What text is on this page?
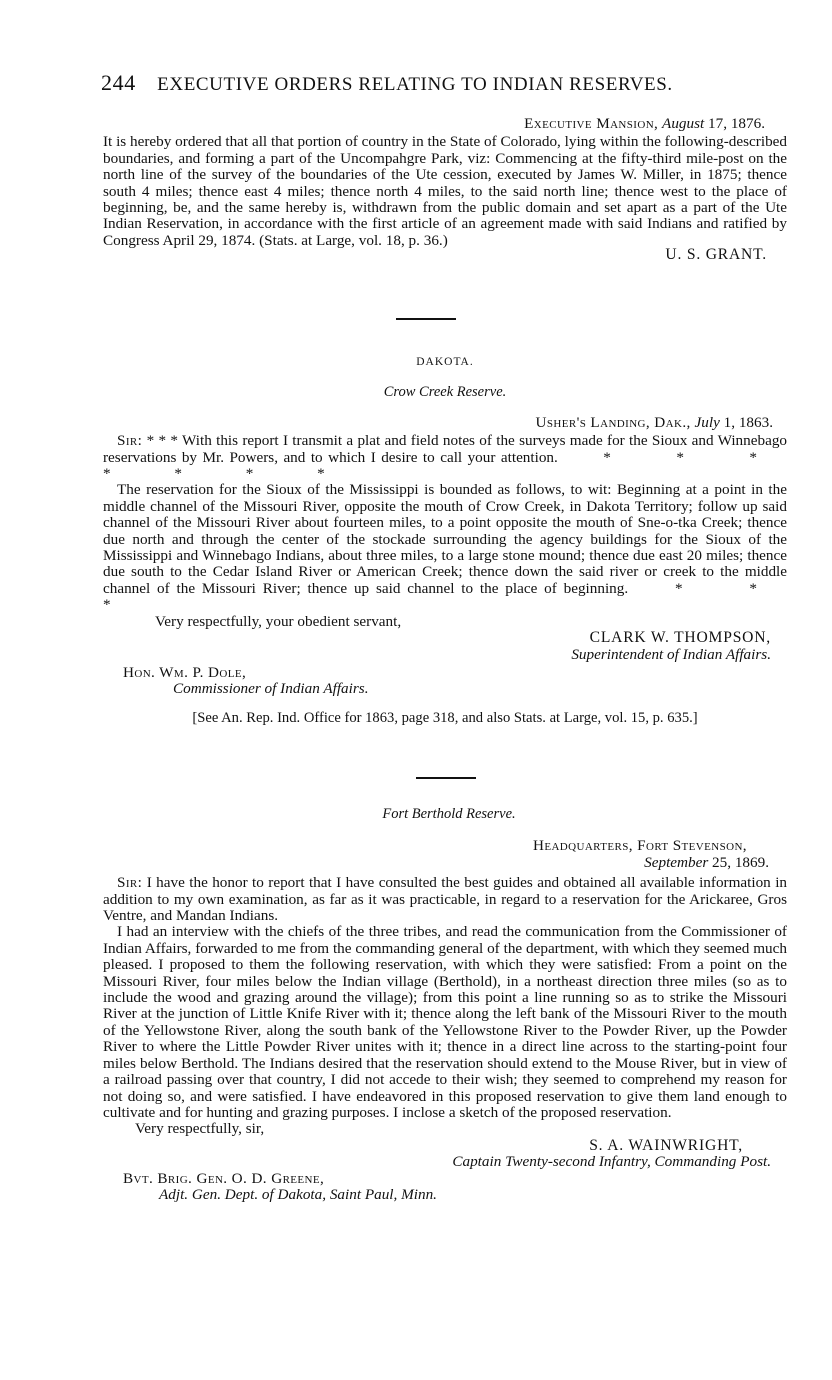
244 EXECUTIVE ORDERS RELATING TO INDIAN RESERVES.

Executive Mansion, August 17, 1876.

It is hereby ordered that all that portion of country in the State of Colorado, lying within the following-described boundaries, and forming a part of the Uncompahgre Park, viz: Commencing at the fifty-third mile-post on the north line of the survey of the boundaries of the Ute cession, executed by James W. Miller, in 1875; thence south 4 miles; thence east 4 miles; thence north 4 miles, to the said north line; thence west to the place of beginning, be, and the same hereby is, withdrawn from the public domain and set apart as a part of the Ute Indian Reservation, in accordance with the first article of an agreement made with said Indians and ratified by Congress April 29, 1874. (Stats. at Large, vol. 18, p. 36.)

U. S. GRANT.

DAKOTA.

Crow Creek Reserve.

Usher's Landing, Dak., July 1, 1863.

Sir: * * * With this report I transmit a plat and field notes of the surveys made for the Sioux and Winnebago reservations by Mr. Powers, and to which I desire to call your attention.	* * * * * * *

The reservation for the Sioux of the Mississippi is bounded as follows, to wit: Beginning at a point in the middle channel of the Missouri River, opposite the mouth of Crow Creek, in Dakota Territory; follow up said channel of the Missouri River about fourteen miles, to a point opposite the mouth of Sne-o-tka Creek; thence due north and through the center of the stockade surrounding the agency buildings for the Sioux of the Mississippi and Winnebago Indians, about three miles, to a large stone mound; thence due east 20 miles; thence due south to the Cedar Island River or American Creek; thence down the said river or creek to the middle channel of the Missouri River; thence up said channel to the place of beginning.	* * *

Very respectfully, your obedient servant,

CLARK W. THOMPSON,

Superintendent of Indian Affairs.

Hon. Wm. P. Dole,

Commissioner of Indian Affairs.

[See An. Rep. Ind. Office for 1863, page 318, and also Stats. at Large, vol. 15, p. 635.]

Fort Berthold Reserve.

Headquarters, Fort Stevenson,

September 25, 1869.

Sir: I have the honor to report that I have consulted the best guides and obtained all available information in addition to my own examination, as far as it was practicable, in regard to a reservation for the Arickaree, Gros Ventre, and Mandan Indians.

I had an interview with the chiefs of the three tribes, and read the communication from the Commissioner of Indian Affairs, forwarded to me from the commanding general of the department, with which they seemed much pleased. I proposed to them the following reservation, with which they were satisfied: From a point on the Missouri River, four miles below the Indian village (Berthold), in a northeast direction three miles (so as to include the wood and grazing around the village); from this point a line running so as to strike the Missouri River at the junction of Little Knife River with it; thence along the left bank of the Missouri River to the mouth of the Yellowstone River, along the south bank of the Yellowstone River to the Powder River, up the Powder River to where the Little Powder River unites with it; thence in a direct line across to the starting-point four miles below Berthold. The Indians desired that the reservation should extend to the Mouse River, but in view of a railroad passing over that country, I did not accede to their wish; they seemed to comprehend my reason for not doing so, and were satisfied. I have endeavored in this proposed reservation to give them land enough to cultivate and for hunting and grazing purposes. I inclose a sketch of the proposed reservation.

Very respectfully, sir,

S. A. WAINWRIGHT,

Captain Twenty-second Infantry, Commanding Post.

Bvt. Brig. Gen. O. D. Greene,

Adjt. Gen. Dept. of Dakota, Saint Paul, Minn.
